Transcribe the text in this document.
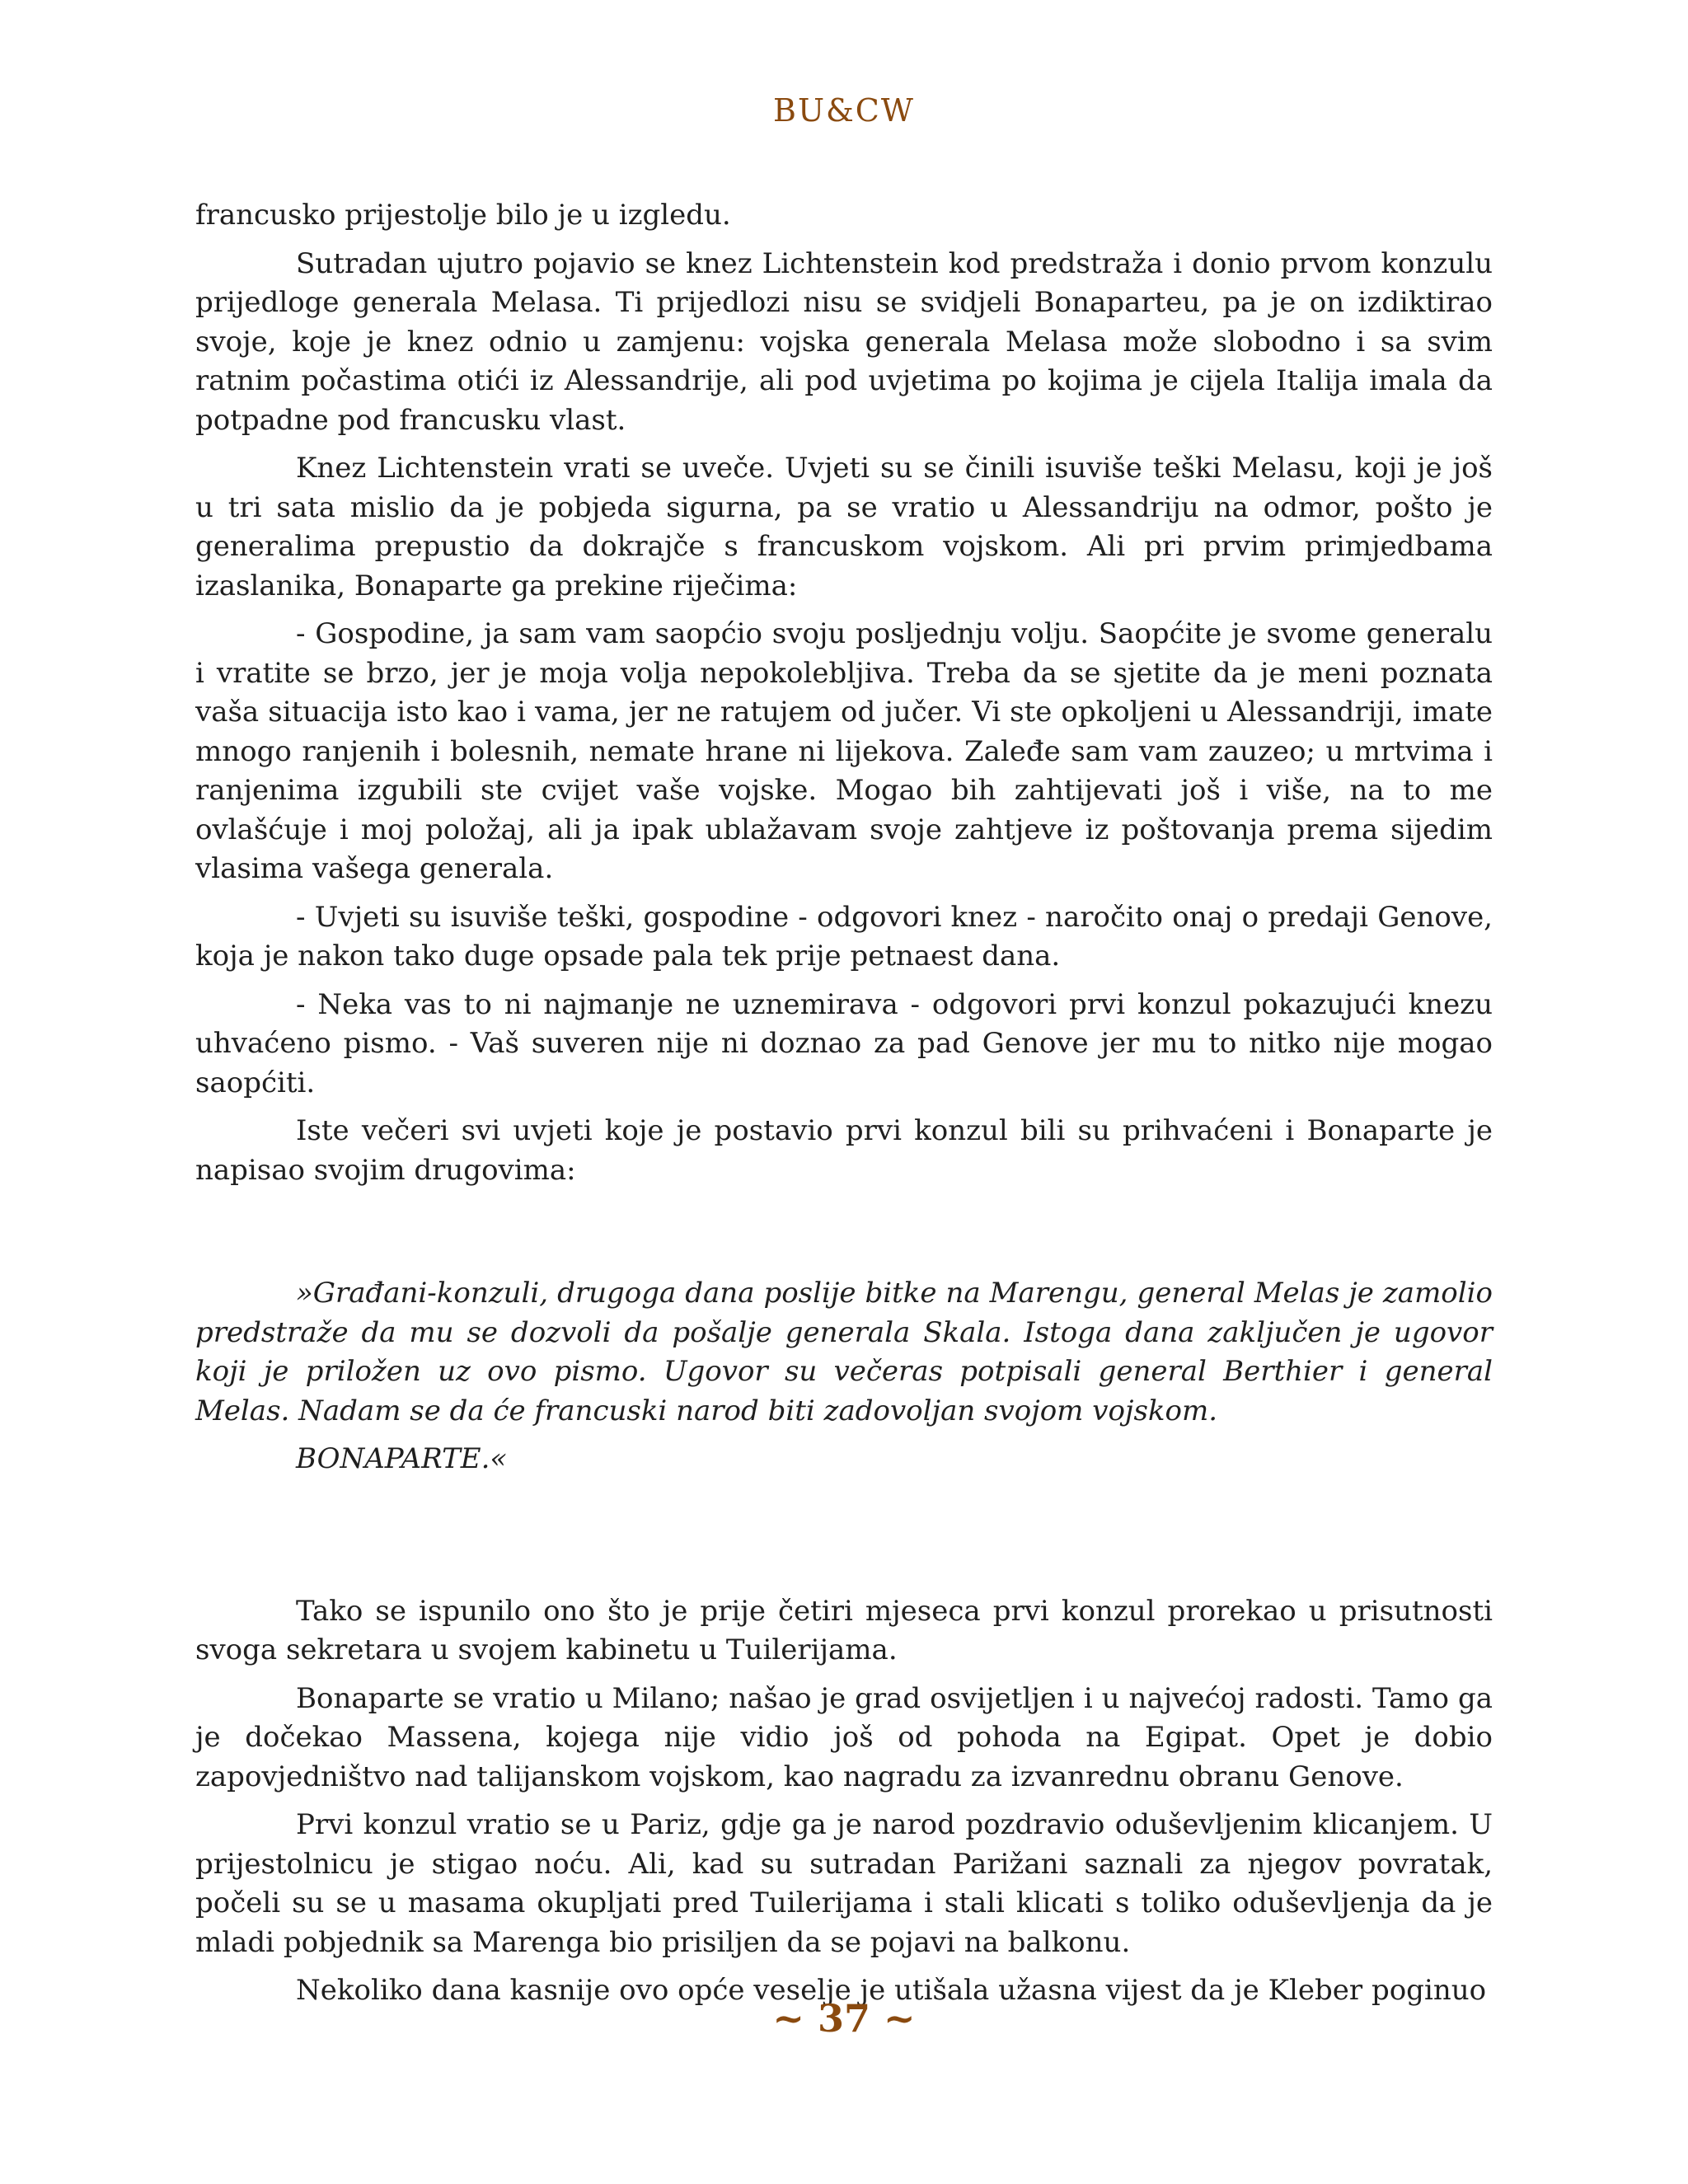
BU&CW

francusko prijestolje bilo je u izgledu.

Sutradan ujutro pojavio se knez Lichtenstein kod predstraža i donio prvom konzulu prijedloge generala Melasa. Ti prijedlozi nisu se svidjeli Bonaparteu, pa je on izdiktirao svoje, koje je knez odnio u zamjenu: vojska generala Melasa može slobodno i sa svim ratnim počastima otići iz Alessandrije, ali pod uvjetima po kojima je cijela Italija imala da potpadne pod francusku vlast.

Knez Lichtenstein vrati se uveče. Uvjeti su se činili isuviše teški Melasu, koji je još u tri sata mislio da je pobjeda sigurna, pa se vratio u Alessandriju na odmor, pošto je generalima prepustio da dokrajče s francuskom vojskom. Ali pri prvim primjedbama izaslanika, Bonaparte ga prekine riječima:

- Gospodine, ja sam vam saopćio svoju posljednju volju. Saopćite je svome generalu i vratite se brzo, jer je moja volja nepokolebljiva. Treba da se sjetite da je meni poznata vaša situacija isto kao i vama, jer ne ratujem od jučer. Vi ste opkoljeni u Alessandriji, imate mnogo ranjenih i bolesnih, nemate hrane ni lijekova. Zaleđe sam vam zauzeo; u mrtvima i ranjenima izgubili ste cvijet vaše vojske. Mogao bih zahtijevati još i više, na to me ovlašćuje i moj položaj, ali ja ipak ublažavam svoje zahtjeve iz poštovanja prema sijedim vlasima vašega generala.

- Uvjeti su isuviše teški, gospodine - odgovori knez - naročito onaj o predaji Genove, koja je nakon tako duge opsade pala tek prije petnaest dana.

- Neka vas to ni najmanje ne uznemirava - odgovori prvi konzul pokazujući knezu uhvaćeno pismo. - Vaš suveren nije ni doznao za pad Genove jer mu to nitko nije mogao saopćiti.

Iste večeri svi uvjeti koje je postavio prvi konzul bili su prihvaćeni i Bonaparte je napisao svojim drugovima:

»Građani-konzuli, drugoga dana poslije bitke na Marengu, general Melas je zamolio predstraže da mu se dozvoli da pošalje generala Skala. Istoga dana zaključen je ugovor koji je priložen uz ovo pismo. Ugovor su večeras potpisali general Berthier i general Melas. Nadam se da će francuski narod biti zadovoljan svojom vojskom.

BONAPARTE.«

Tako se ispunilo ono što je prije četiri mjeseca prvi konzul prorekao u prisutnosti svoga sekretara u svojem kabinetu u Tuilerijama.

Bonaparte se vratio u Milano; našao je grad osvijetljen i u najvećoj radosti. Tamo ga je dočekao Massena, kojega nije vidio još od pohoda na Egipat. Opet je dobio zapovjedništvo nad talijanskom vojskom, kao nagradu za izvanrednu obranu Genove.

Prvi konzul vratio se u Pariz, gdje ga je narod pozdravio oduševljenim klicanjem. U prijestolnicu je stigao noću. Ali, kad su sutradan Parižani saznali za njegov povratak, počeli su se u masama okupljati pred Tuilerijama i stali klicati s toliko oduševljenja da je mladi pobjednik sa Marenga bio prisiljen da se pojavi na balkonu.

Nekoliko dana kasnije ovo opće veselje je utišala užasna vijest da je Kleber poginuo

~ 37 ~
